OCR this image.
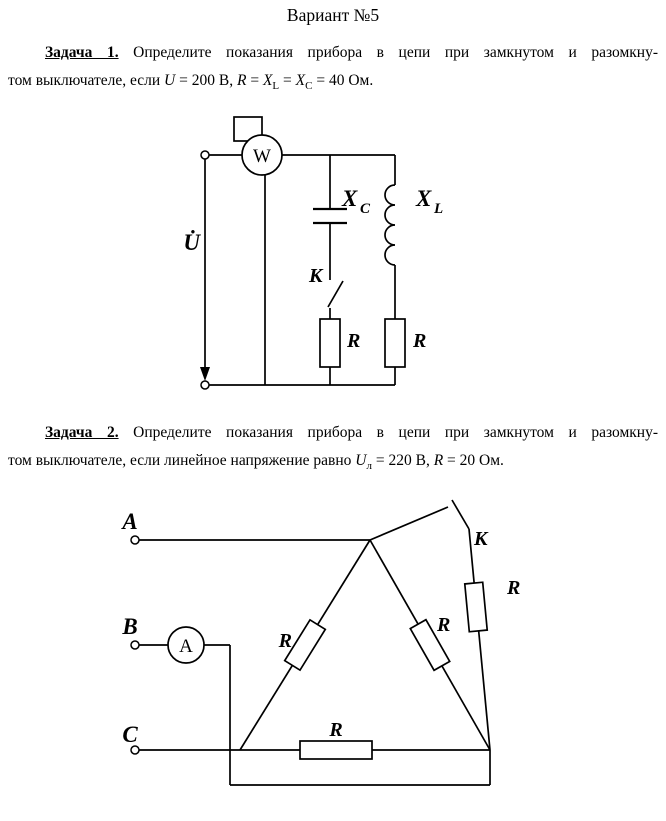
Вариант №5
Задача 1. Определите показания прибора в цепи при замкнутом и разомкну-
том выключателе, если U = 200 В, $R = X_L = X_C = 40$ Ом.
W
U̇
X C X L
К
R	R
Задача 2. Определите показания прибора в цепи при замкнутом и разомкну-
том выключателе, если линейное напряжение равно $U_л = 220$ В, R = 20 Ом.
A
A
B
C
К
R
R
R
R
